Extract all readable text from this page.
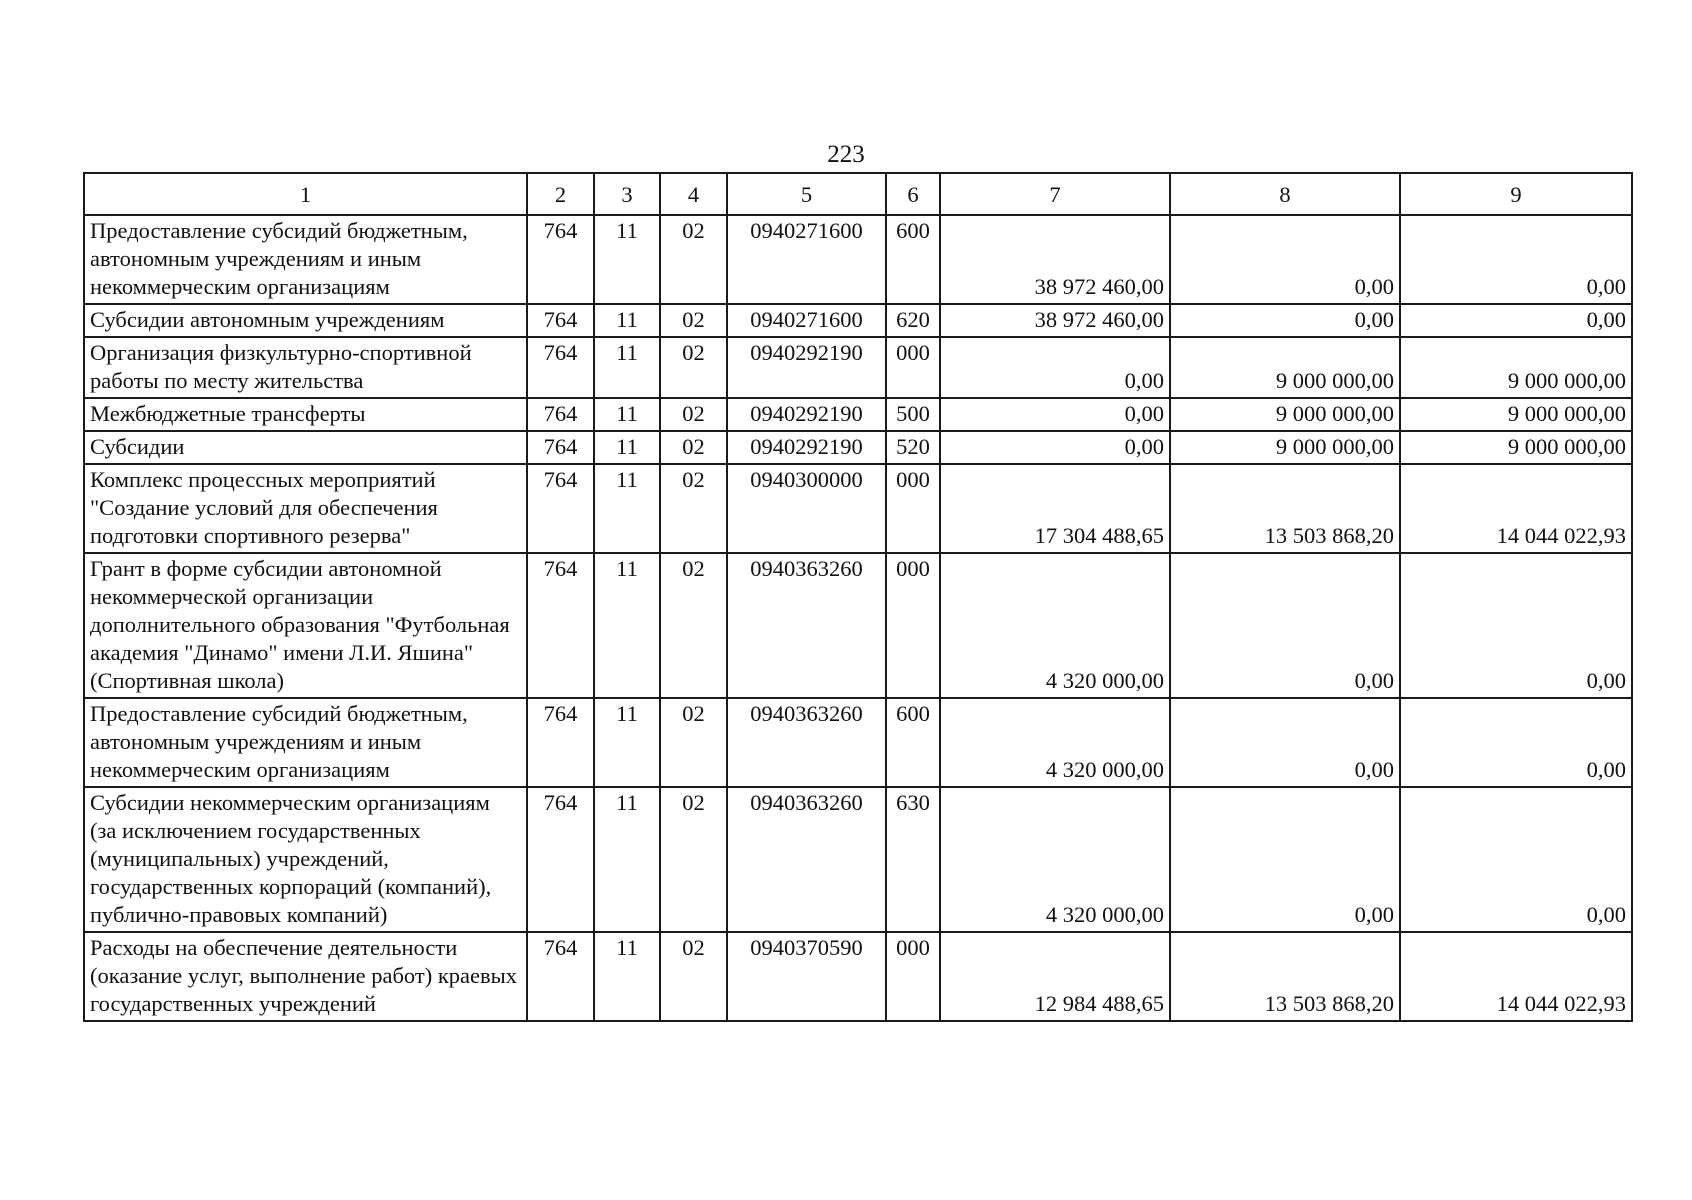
223
1	2	3	4	5	6	7	8	9
Предоставление субсидий бюджетным, автономным учреждениям и иным некоммерческим организациям	764	11	02	0940271600	600	38 972 460,00	0,00	0,00
Субсидии автономным учреждениям	764	11	02	0940271600	620	38 972 460,00	0,00	0,00
Организация физкультурно-спортивной работы по месту жительства	764	11	02	0940292190	000	0,00	9 000 000,00	9 000 000,00
Межбюджетные трансферты	764	11	02	0940292190	500	0,00	9 000 000,00	9 000 000,00
Субсидии	764	11	02	0940292190	520	0,00	9 000 000,00	9 000 000,00
Комплекс процессных мероприятий "Создание условий для обеспечения подготовки спортивного резерва"	764	11	02	0940300000	000	17 304 488,65	13 503 868,20	14 044 022,93
Грант в форме субсидии автономной некоммерческой организации дополнительного образования "Футбольная академия "Динамо" имени Л.И. Яшина" (Спортивная школа)	764	11	02	0940363260	000	4 320 000,00	0,00	0,00
Предоставление субсидий бюджетным, автономным учреждениям и иным некоммерческим организациям	764	11	02	0940363260	600	4 320 000,00	0,00	0,00
Субсидии некоммерческим организациям (за исключением государственных (муниципальных) учреждений, государственных корпораций (компаний), публично-правовых компаний)	764	11	02	0940363260	630	4 320 000,00	0,00	0,00
Расходы на обеспечение деятельности (оказание услуг, выполнение работ) краевых государственных учреждений	764	11	02	0940370590	000	12 984 488,65	13 503 868,20	14 044 022,93
